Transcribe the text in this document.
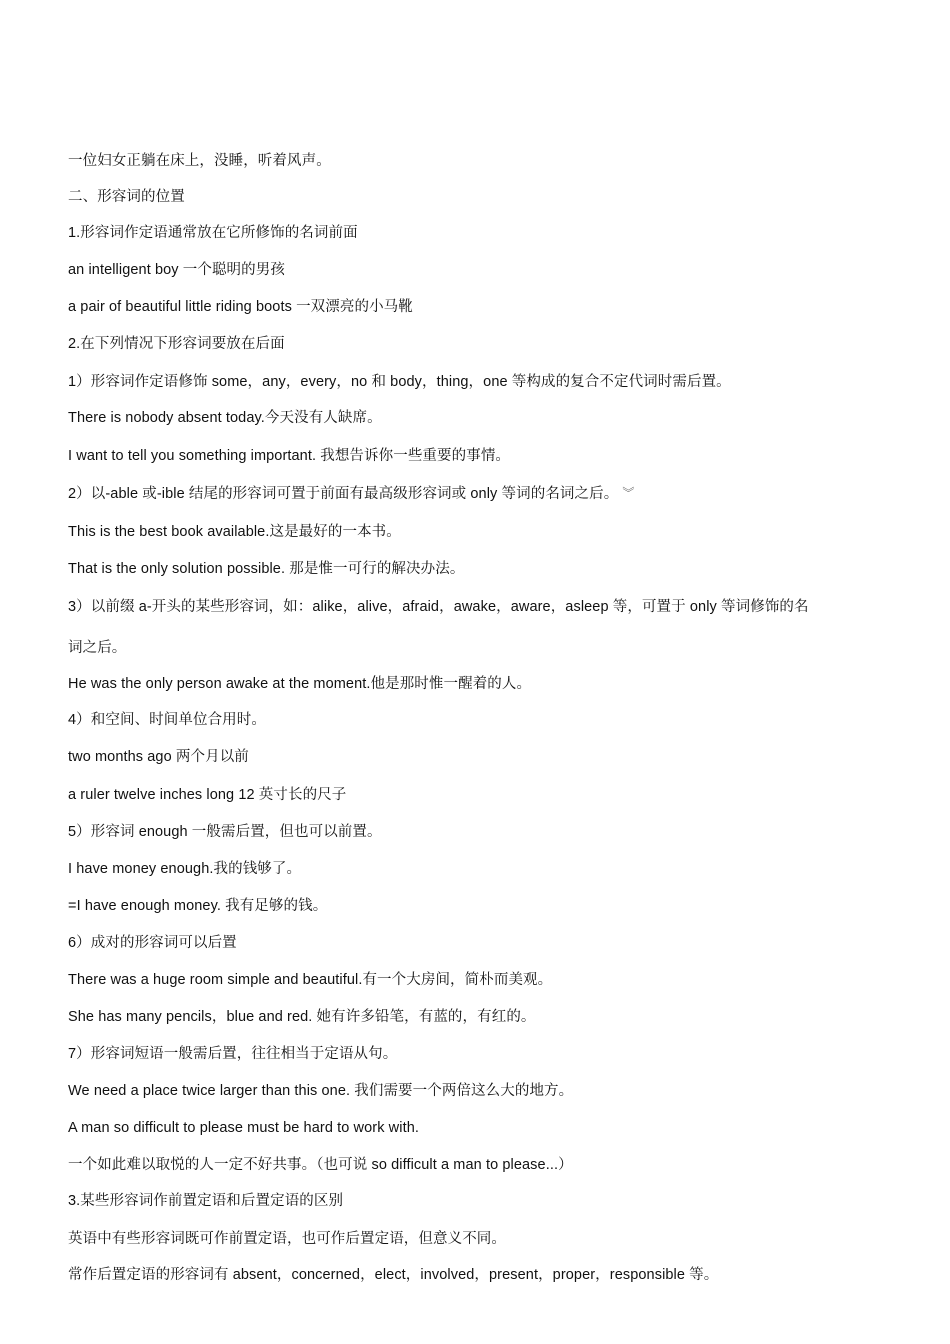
一位妇女正躺在床上，没睡，听着风声。
二、形容词的位置
1.形容词作定语通常放在它所修饰的名词前面
an intelligent boy 一个聪明的男孩
a pair of beautiful little riding boots 一双漂亮的小马靴
2.在下列情况下形容词要放在后面
1）形容词作定语修饰 some，any，every，no 和 body，thing，one 等构成的复合不定代词时需后置。
There is nobody absent today.今天没有人缺席。
I want to tell you something important. 我想告诉你一些重要的事情。
2）以-able 或-ible 结尾的形容词可置于前面有最高级形容词或 only 等词的名词之后。 ︾
This is the best book available.这是最好的一本书。
That is the only solution possible. 那是惟一可行的解决办法。
3）以前缀 a-开头的某些形容词，如：alike，alive，afraid，awake，aware，asleep 等，可置于 only 等词修饰的名
词之后。
He was the only person awake at the moment.他是那时惟一醒着的人。
4）和空间、时间单位合用时。
two months ago 两个月以前
a ruler twelve inches long 12 英寸长的尺子
5）形容词 enough 一般需后置，但也可以前置。
I have money enough.我的钱够了。
=I have enough money. 我有足够的钱。
6）成对的形容词可以后置
There was a huge room simple and beautiful.有一个大房间，简朴而美观。
She has many pencils，blue and red. 她有许多铅笔，有蓝的，有红的。
7）形容词短语一般需后置，往往相当于定语从句。
We need a place twice larger than this one. 我们需要一个两倍这么大的地方。
A man so difficult to please must be hard to work with.
一个如此难以取悦的人一定不好共事。（也可说 so difficult a man to please...）
3.某些形容词作前置定语和后置定语的区别
英语中有些形容词既可作前置定语，也可作后置定语，但意义不同。
常作后置定语的形容词有 absent，concerned，elect，involved，present，proper，responsible 等。
